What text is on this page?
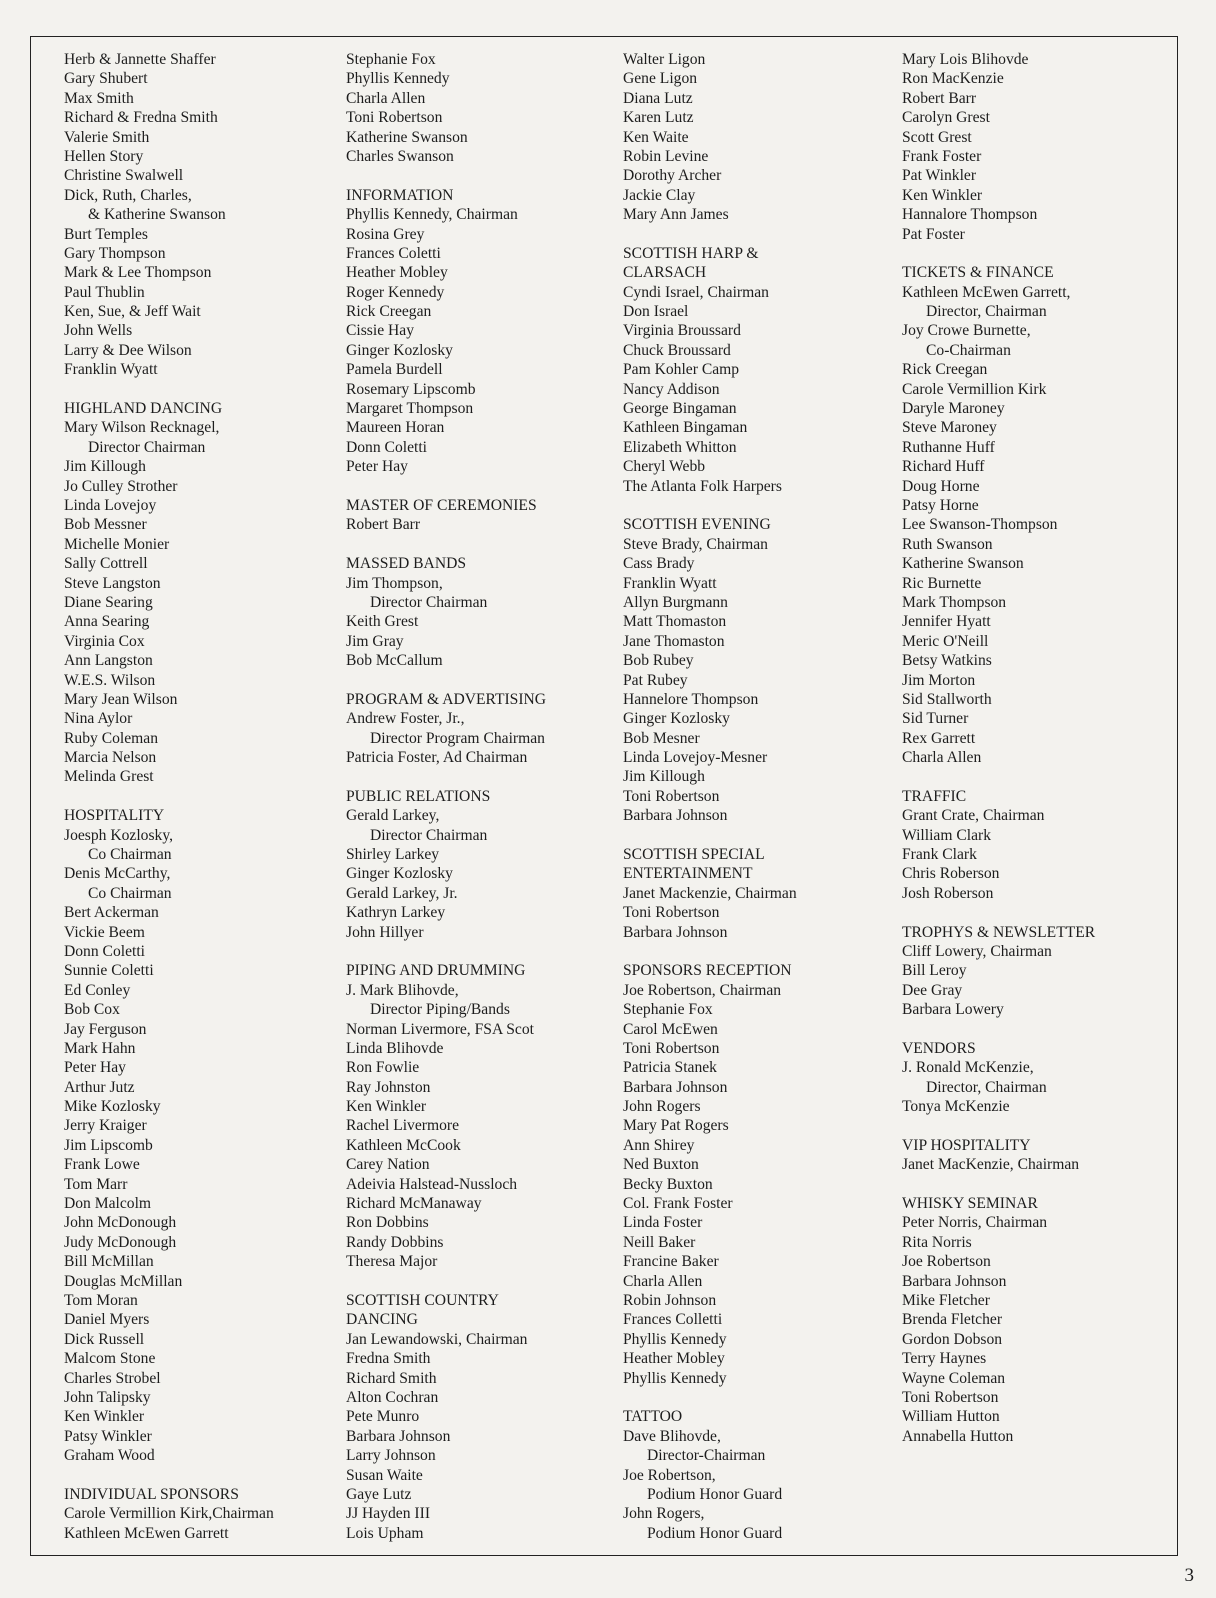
Herb & Jannette Shaffer
Gary Shubert
Max Smith
Richard & Fredna Smith
Valerie Smith
Hellen Story
Christine Swalwell
Dick, Ruth, Charles,
& Katherine Swanson
Burt Temples
Gary Thompson
Mark & Lee Thompson
Paul Thublin
Ken, Sue, & Jeff Wait
John Wells
Larry & Dee Wilson
Franklin Wyatt
HIGHLAND DANCING
Mary Wilson Recknagel,
Director Chairman
Jim Killough
Jo Culley Strother
Linda Lovejoy
Bob Messner
Michelle Monier
Sally Cottrell
Steve Langston
Diane Searing
Anna Searing
Virginia Cox
Ann Langston
W.E.S. Wilson
Mary Jean Wilson
Nina Aylor
Ruby Coleman
Marcia Nelson
Melinda Grest
HOSPITALITY
Joesph Kozlosky,
Co Chairman
Denis McCarthy,
Co Chairman
Bert Ackerman
Vickie Beem
Donn Coletti
Sunnie Coletti
Ed Conley
Bob Cox
Jay Ferguson
Mark Hahn
Peter Hay
Arthur Jutz
Mike Kozlosky
Jerry Kraiger
Jim Lipscomb
Frank Lowe
Tom Marr
Don Malcolm
John McDonough
Judy McDonough
Bill McMillan
Douglas McMillan
Tom Moran
Daniel Myers
Dick Russell
Malcom Stone
Charles Strobel
John Talipsky
Ken Winkler
Patsy Winkler
Graham Wood
INDIVIDUAL SPONSORS
Carole Vermillion Kirk,Chairman
Kathleen McEwen Garrett
Stephanie Fox
Phyllis Kennedy
Charla Allen
Toni Robertson
Katherine Swanson
Charles Swanson
INFORMATION
Phyllis Kennedy, Chairman
Rosina Grey
Frances Coletti
Heather Mobley
Roger Kennedy
Rick Creegan
Cissie Hay
Ginger Kozlosky
Pamela Burdell
Rosemary Lipscomb
Margaret Thompson
Maureen Horan
Donn Coletti
Peter Hay
MASTER OF CEREMONIES
Robert Barr
MASSED BANDS
Jim Thompson,
Director Chairman
Keith Grest
Jim Gray
Bob McCallum
PROGRAM & ADVERTISING
Andrew Foster, Jr.,
Director Program Chairman
Patricia Foster, Ad Chairman
PUBLIC RELATIONS
Gerald Larkey,
Director Chairman
Shirley Larkey
Ginger Kozlosky
Gerald Larkey, Jr.
Kathryn Larkey
John Hillyer
PIPING AND DRUMMING
J. Mark Blihovde,
Director Piping/Bands
Norman Livermore, FSA Scot
Linda Blihovde
Ron Fowlie
Ray Johnston
Ken Winkler
Rachel Livermore
Kathleen McCook
Carey Nation
Adeivia Halstead-Nussloch
Richard McManaway
Ron Dobbins
Randy Dobbins
Theresa Major
SCOTTISH COUNTRY
DANCING
Jan Lewandowski, Chairman
Fredna Smith
Richard Smith
Alton Cochran
Pete Munro
Barbara Johnson
Larry Johnson
Susan Waite
Gaye Lutz
JJ Hayden III
Lois Upham
Walter Ligon
Gene Ligon
Diana Lutz
Karen Lutz
Ken Waite
Robin Levine
Dorothy Archer
Jackie Clay
Mary Ann James
SCOTTISH HARP &
CLARSACH
Cyndi Israel, Chairman
Don Israel
Virginia Broussard
Chuck Broussard
Pam Kohler Camp
Nancy Addison
George Bingaman
Kathleen Bingaman
Elizabeth Whitton
Cheryl Webb
The Atlanta Folk Harpers
SCOTTISH EVENING
Steve Brady, Chairman
Cass Brady
Franklin Wyatt
Allyn Burgmann
Matt Thomaston
Jane Thomaston
Bob Rubey
Pat Rubey
Hannelore Thompson
Ginger Kozlosky
Bob Mesner
Linda Lovejoy-Mesner
Jim Killough
Toni Robertson
Barbara Johnson
SCOTTISH SPECIAL
ENTERTAINMENT
Janet Mackenzie, Chairman
Toni Robertson
Barbara Johnson
SPONSORS RECEPTION
Joe Robertson, Chairman
Stephanie Fox
Carol McEwen
Toni Robertson
Patricia Stanek
Barbara Johnson
John Rogers
Mary Pat Rogers
Ann Shirey
Ned Buxton
Becky Buxton
Col. Frank Foster
Linda Foster
Neill Baker
Francine Baker
Charla Allen
Robin Johnson
Frances Colletti
Phyllis Kennedy
Heather Mobley
Phyllis Kennedy
TATTOO
Dave Blihovde,
Director-Chairman
Joe Robertson,
Podium Honor Guard
John Rogers,
Podium Honor Guard
Mary Lois Blihovde
Ron MacKenzie
Robert Barr
Carolyn Grest
Scott Grest
Frank Foster
Pat Winkler
Ken Winkler
Hannalore Thompson
Pat Foster
TICKETS & FINANCE
Kathleen McEwen Garrett,
Director, Chairman
Joy Crowe Burnette,
Co-Chairman
Rick Creegan
Carole Vermillion Kirk
Daryle Maroney
Steve Maroney
Ruthanne Huff
Richard Huff
Doug Horne
Patsy Horne
Lee Swanson-Thompson
Ruth Swanson
Katherine Swanson
Ric Burnette
Mark Thompson
Jennifer Hyatt
Meric O'Neill
Betsy Watkins
Jim Morton
Sid Stallworth
Sid Turner
Rex Garrett
Charla Allen
TRAFFIC
Grant Crate, Chairman
William Clark
Frank Clark
Chris Roberson
Josh Roberson
TROPHYS & NEWSLETTER
Cliff Lowery, Chairman
Bill Leroy
Dee Gray
Barbara Lowery
VENDORS
J. Ronald McKenzie,
Director, Chairman
Tonya McKenzie
VIP HOSPITALITY
Janet MacKenzie, Chairman
WHISKY SEMINAR
Peter Norris, Chairman
Rita Norris
Joe Robertson
Barbara Johnson
Mike Fletcher
Brenda Fletcher
Gordon Dobson
Terry Haynes
Wayne Coleman
Toni Robertson
William Hutton
Annabella Hutton
3
